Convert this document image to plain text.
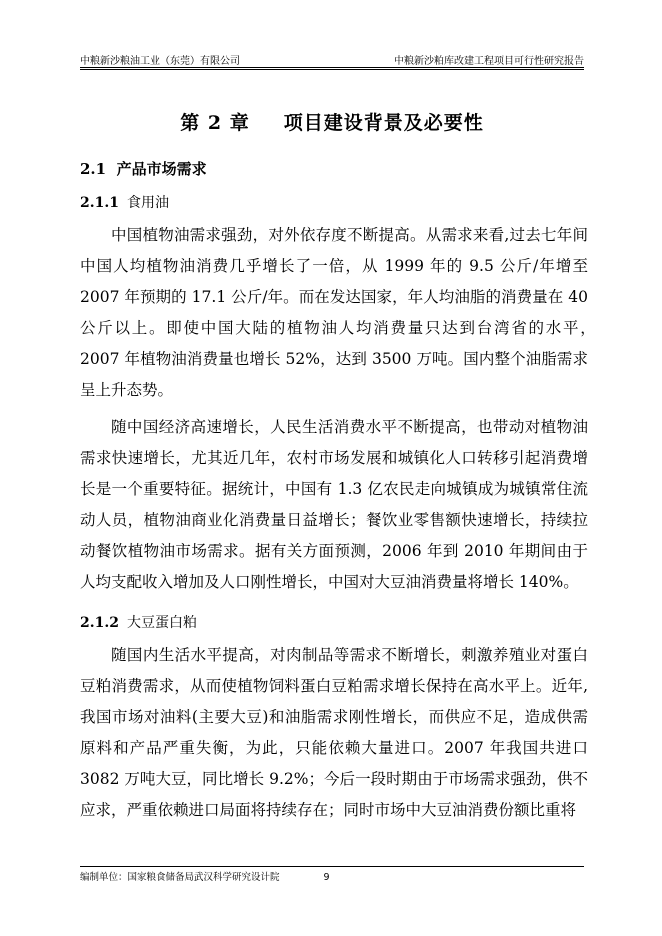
中粮新沙粮油工业（东莞）有限公司	中粮新沙粕库改建工程项目可行性研究报告
第 2 章 项目建设背景及必要性
2.1 产品市场需求
2.1.1 食用油
中国植物油需求强劲，对外依存度不断提高。从需求来看,过去七年间中国人均植物油消费几乎增长了一倍，从 1999 年的 9.5 公斤/年增至 2007 年预期的 17.1 公斤/年。而在发达国家，年人均油脂的消费量在 40 公斤以上。即使中国大陆的植物油人均消费量只达到台湾省的水平，　2007 年植物油消费量也增长 52%，达到 3500 万吨。国内整个油脂需求呈上升态势。
随中国经济高速增长，人民生活消费水平不断提高，也带动对植物油需求快速增长，尤其近几年，农村市场发展和城镇化人口转移引起消费增长是一个重要特征。据统计，中国有 1.3 亿农民走向城镇成为城镇常住流动人员，植物油商业化消费量日益增长；餐饮业零售额快速增长，持续拉动餐饮植物油市场需求。据有关方面预测，2006 年到 2010 年期间由于人均支配收入增加及人口刚性增长，中国对大豆油消费量将增长 140%。
2.1.2 大豆蛋白粕
随国内生活水平提高，对肉制品等需求不断增长，刺激养殖业对蛋白豆粕消费需求，从而使植物饲料蛋白豆粕需求增长保持在高水平上。近年,我国市场对油料(主要大豆)和油脂需求刚性增长，而供应不足，造成供需原料和产品严重失衡，为此，只能依赖大量进口。2007 年我国共进口 3082 万吨大豆，同比增长 9.2%；今后一段时期由于市场需求强劲，供不应求，严重依赖进口局面将持续存在；同时市场中大豆油消费份额比重将
编制单位：国家粮食储备局武汉科学研究设计院	9
